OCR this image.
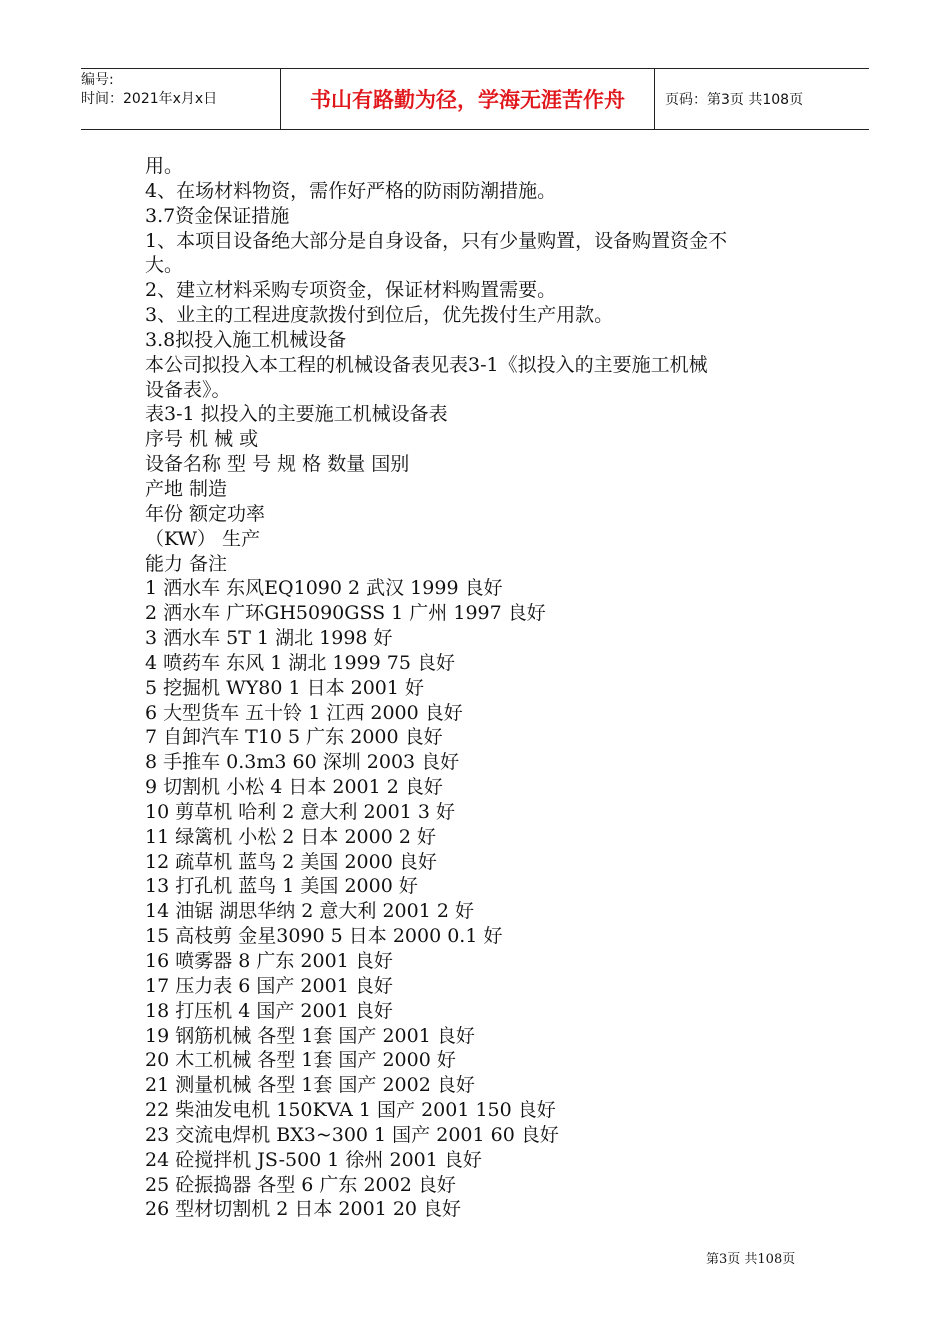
编号:
时间：2021年x月x日	书山有路勤为径，学海无涯苦作舟	页码：第3页 共108页
用。
4、在场材料物资，需作好严格的防雨防潮措施。
3.7资金保证措施
1、本项目设备绝大部分是自身设备，只有少量购置，设备购置资金不
大。
2、建立材料采购专项资金，保证材料购置需要。
3、业主的工程进度款拨付到位后，优先拨付生产用款。
3.8拟投入施工机械设备
本公司拟投入本工程的机械设备表见表3-1《拟投入的主要施工机械
设备表》。
表3-1 拟投入的主要施工机械设备表
序号 机 械 或
设备名称 型 号 规 格 数量 国别
产地 制造
年份 额定功率
（KW） 生产
能力 备注
1 洒水车 东风EQ1090 2 武汉 1999 良好
2 洒水车 广环GH5090GSS 1 广州 1997 良好
3 洒水车 5T 1 湖北 1998 好
4 喷药车 东风 1 湖北 1999 75 良好
5 挖掘机 WY80 1 日本 2001 好
6 大型货车 五十铃 1 江西 2000 良好
7 自卸汽车 T10 5 广东 2000 良好
8 手推车 0.3m3 60 深圳 2003 良好
9 切割机 小松 4 日本 2001 2 良好
10 剪草机 哈利 2 意大利 2001 3 好
11 绿篱机 小松 2 日本 2000 2 好
12 疏草机 蓝鸟 2 美国 2000 良好
13 打孔机 蓝鸟 1 美国 2000 好
14 油锯 湖思华纳 2 意大利 2001 2 好
15 高枝剪 金星3090 5 日本 2000 0.1 好
16 喷雾器 8 广东 2001 良好
17 压力表 6 国产 2001 良好
18 打压机 4 国产 2001 良好
19 钢筋机械 各型 1套 国产 2001 良好
20 木工机械 各型 1套 国产 2000 好
21 测量机械 各型 1套 国产 2002 良好
22 柴油发电机 150KVA 1 国产 2001 150 良好
23 交流电焊机 BX3~300 1 国产 2001 60 良好
24 砼搅拌机 JS-500 1 徐州 2001 良好
25 砼振捣器 各型 6 广东 2002 良好
26 型材切割机 2 日本 2001 20 良好
第3页 共108页
